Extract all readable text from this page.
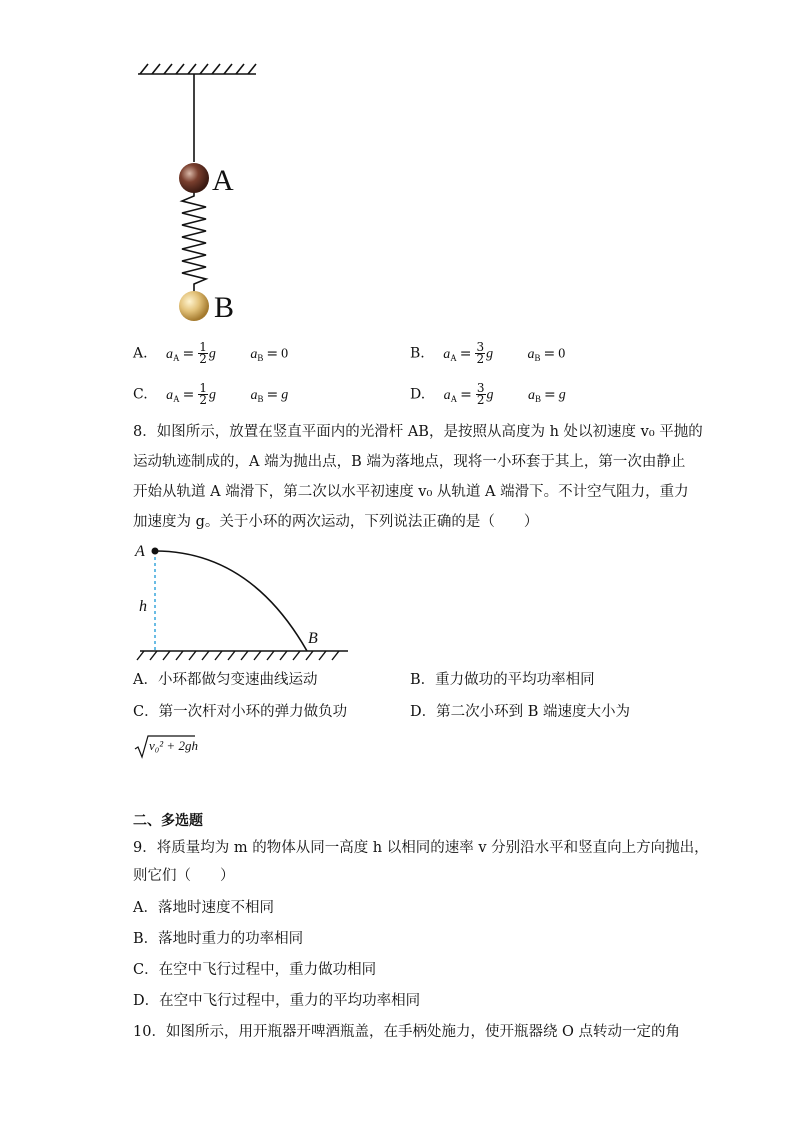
A
B
A. $a_A = \frac{1}{2}$ g $a_B = 0$	B. $a_A = \frac{3}{2}$ g $a_B = 0$
C. $a_A = \frac{1}{2}$ g $a_B = g$	D. $a_A = \frac{3}{2}$ g $a_B = g$
8．如图所示，放置在竖直平面内的光滑杆 AB，是按照从高度为 h 处以初速度 v₀ 平抛的
运动轨迹制成的，A 端为抛出点，B 端为落地点，现将一小环套于其上，第一次由静止
开始从轨道 A 端滑下，第二次以水平初速度 v₀ 从轨道 A 端滑下。不计空气阻力，重力
加速度为 g。关于小环的两次运动，下列说法正确的是（　　）
A
h
B
A．小环都做匀变速曲线运动	B．重力做功的平均功率相同
C．第一次杆对小环的弹力做负功	D．第二次小环到 B 端速度大小为
v₀² + 2gh
二、多选题
9．将质量均为 m 的物体从同一高度 h 以相同的速率 v 分别沿水平和竖直向上方向抛出，
则它们（　　）
A．落地时速度不相同
B．落地时重力的功率相同
C．在空中飞行过程中，重力做功相同
D．在空中飞行过程中，重力的平均功率相同
10．如图所示，用开瓶器开啤酒瓶盖，在手柄处施力，使开瓶器绕 O 点转动一定的角
